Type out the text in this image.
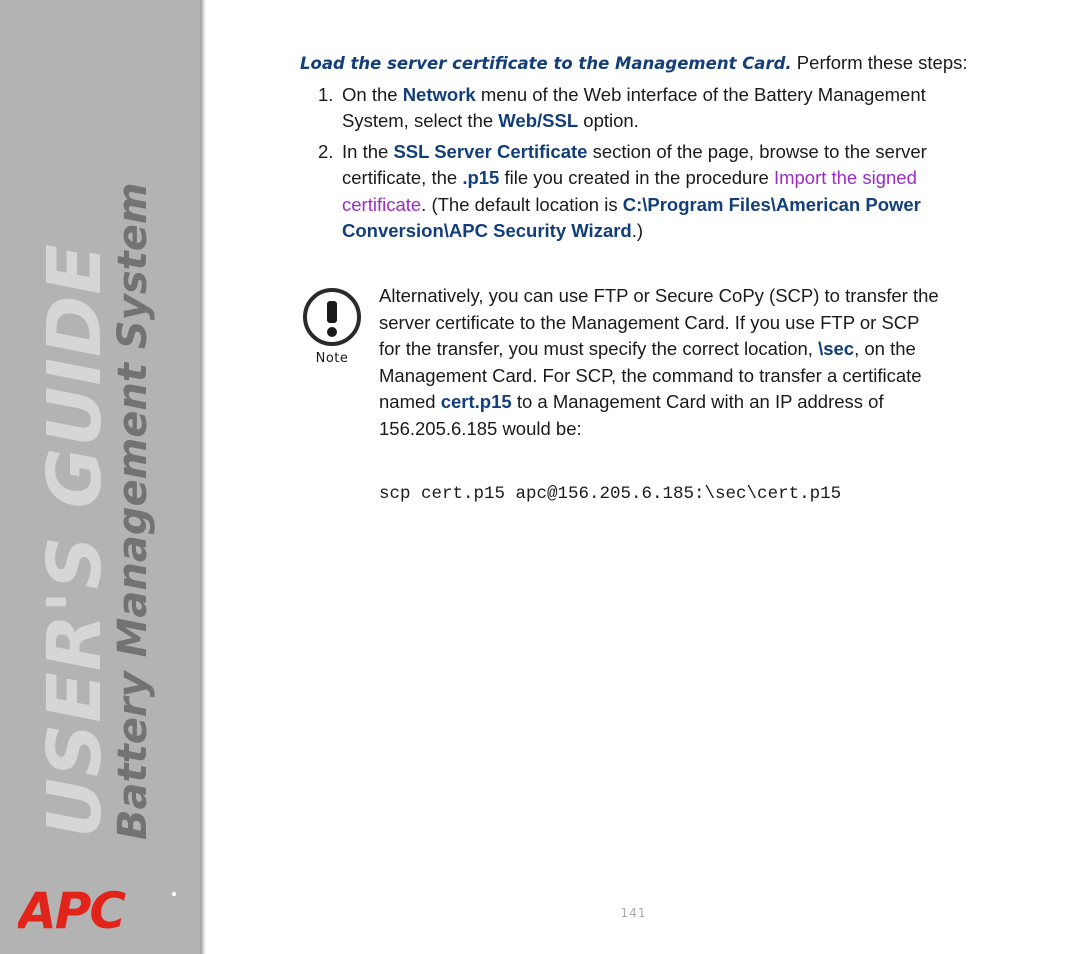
USER'S GUIDE
Battery Management System
APC

Load the server certificate to the Management Card. Perform these steps:

1. On the Network menu of the Web interface of the Battery Management System, select the Web/SSL option.
2. In the SSL Server Certificate section of the page, browse to the server certificate, the .p15 file you created in the procedure Import the signed certificate. (The default location is C:\Program Files\American Power Conversion\APC Security Wizard.)
Note
Alternatively, you can use FTP or Secure CoPy (SCP) to transfer the server certificate to the Management Card. If you use FTP or SCP for the transfer, you must specify the correct location, \sec, on the Management Card. For SCP, the command to transfer a certificate named cert.p15 to a Management Card with an IP address of 156.205.6.185 would be:
scp cert.p15 apc@156.205.6.185:\sec\cert.p15
141
